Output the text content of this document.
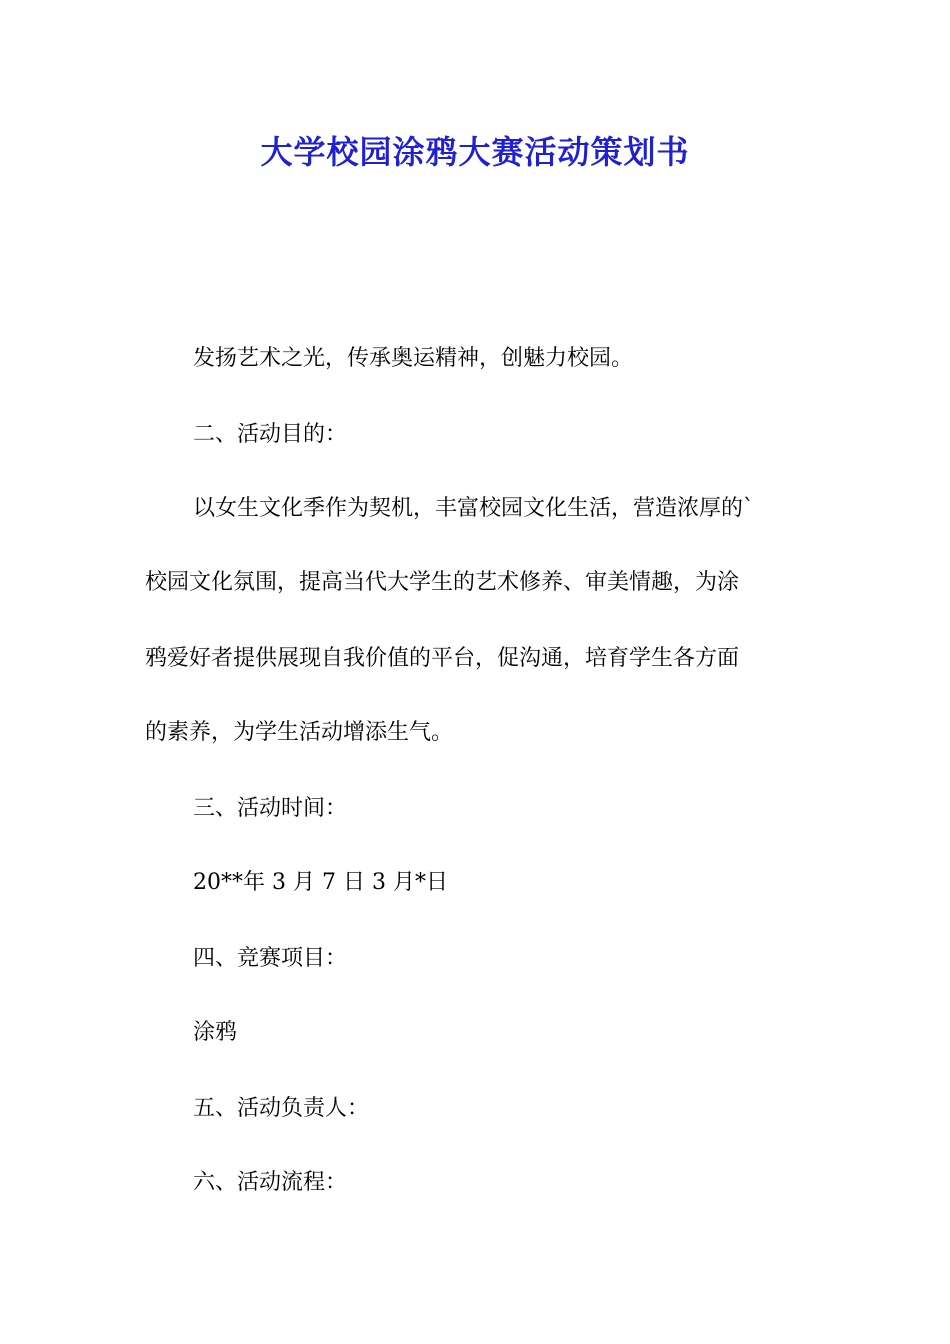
大学校园涂鸦大赛活动策划书
发扬艺术之光，传承奥运精神，创魅力校园。
二、活动目的：
以女生文化季作为契机，丰富校园文化生活，营造浓厚的`
校园文化氛围，提高当代大学生的艺术修养、审美情趣，为涂
鸦爱好者提供展现自我价值的平台，促沟通，培育学生各方面
的素养，为学生活动增添生气。
三、活动时间：
20**年 3 月 7 日 3 月*日
四、竞赛项目：
涂鸦
五、活动负责人：
六、活动流程：
